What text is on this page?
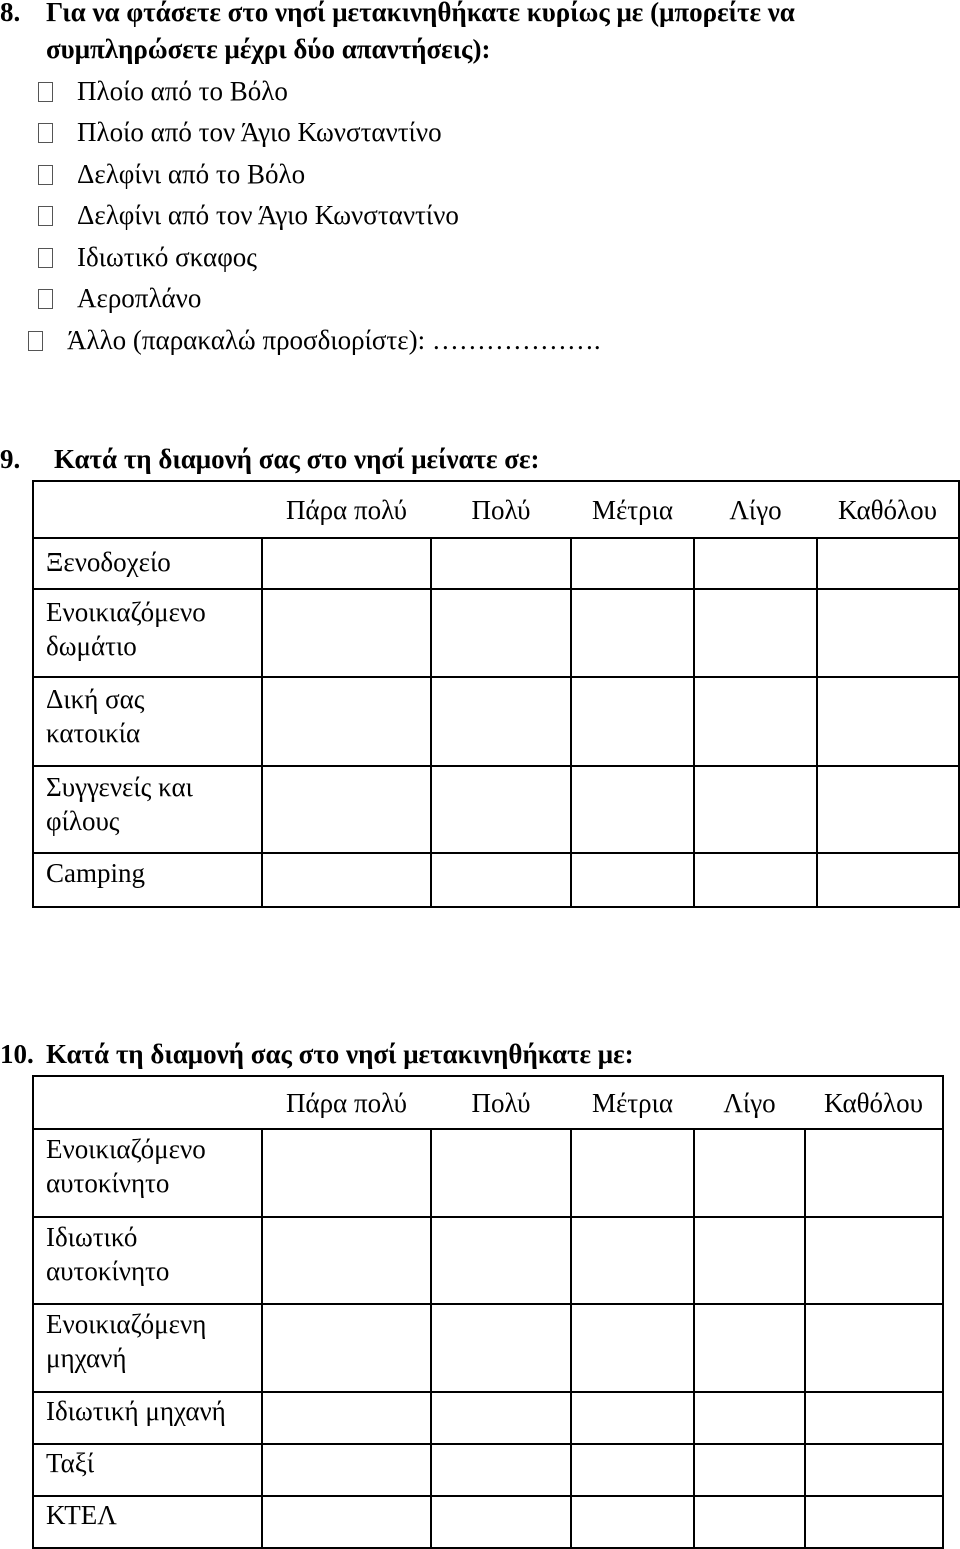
8. Για να φτάσετε στο νησί μετακινηθήκατε κυρίως με (μπορείτε να
συμπληρώσετε μέχρι δύο απαντήσεις):
Πλοίο από το Βόλο
Πλοίο από τον Άγιο Κωνσταντίνο
Δελφίνι από το Βόλο
Δελφίνι από τον Άγιο Κωνσταντίνο
Ιδιωτικό σκαφος
Αεροπλάνο
Άλλο (παρακαλώ προσδιορίστε): ……………….
9. Κατά τη διαμονή σας στο νησί μείνατε σε:
	Πάρα πολύ	Πολύ	Μέτρια	Λίγο	Καθόλου

Ξενοδοχείο					

Ενοικιαζόμενο
δωμάτιο					

Δική σας
κατοικία					

Συγγενείς και
φίλους					

Camping					

10. Κατά τη διαμονή σας στο νησί μετακινηθήκατε με:
	Πάρα πολύ	Πολύ	Μέτρια	Λίγο	Καθόλου

Ενοικιαζόμενο
αυτοκίνητο					

Ιδιωτικό
αυτοκίνητο					

Ενοικιαζόμενη
μηχανή					

Ιδιωτική μηχανή					

Ταξί					

ΚΤΕΛ					
